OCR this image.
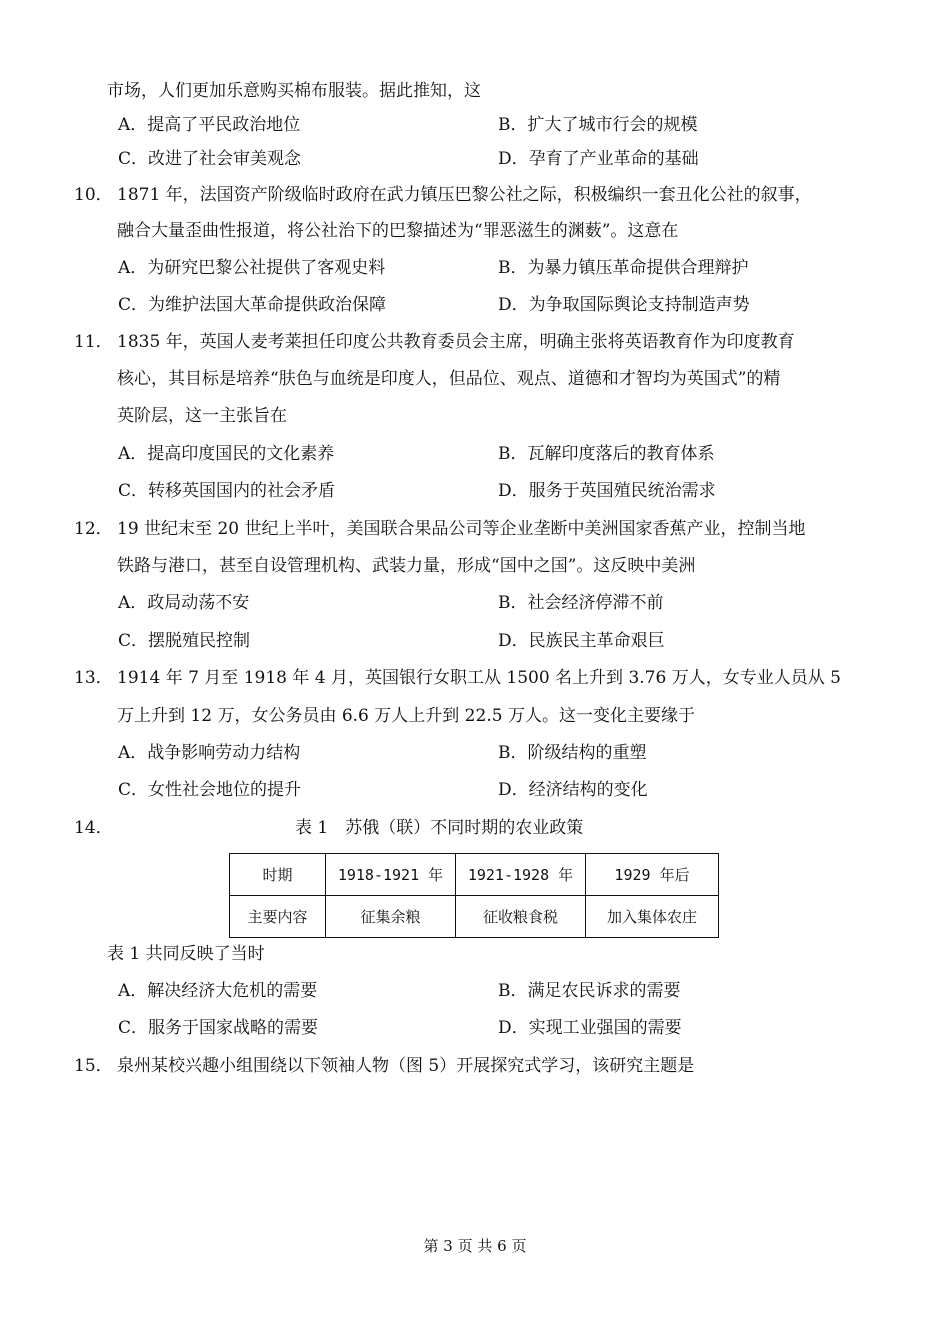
市场，人们更加乐意购买棉布服装。据此推知，这
A．提高了平民政治地位	B．扩大了城市行会的规模
C．改进了社会审美观念	D．孕育了产业革命的基础
10． 1871 年，法国资产阶级临时政府在武力镇压巴黎公社之际，积极编织一套丑化公社的叙事，
融合大量歪曲性报道，将公社治下的巴黎描述为“罪恶滋生的渊薮”。这意在
A．为研究巴黎公社提供了客观史料	B．为暴力镇压革命提供合理辩护
C．为维护法国大革命提供政治保障	D．为争取国际舆论支持制造声势
11． 1835 年，英国人麦考莱担任印度公共教育委员会主席，明确主张将英语教育作为印度教育
核心，其目标是培养“肤色与血统是印度人，但品位、观点、道德和才智均为英国式”的精
英阶层，这一主张旨在
A．提高印度国民的文化素养	B．瓦解印度落后的教育体系
C．转移英国国内的社会矛盾	D．服务于英国殖民统治需求
12． 19 世纪末至 20 世纪上半叶，美国联合果品公司等企业垄断中美洲国家香蕉产业，控制当地
铁路与港口，甚至自设管理机构、武装力量，形成“国中之国”。这反映中美洲
A．政局动荡不安	B．社会经济停滞不前
C．摆脱殖民控制	D．民族民主革命艰巨
13． 1914 年 7 月至 1918 年 4 月，英国银行女职工从 1500 名上升到 3.76 万人，女专业人员从 5
万上升到 12 万，女公务员由 6.6 万人上升到 22.5 万人。这一变化主要缘于
A．战争影响劳动力结构	B．阶级结构的重塑
C．女性社会地位的提升	D．经济结构的变化
14．	表 1　苏俄（联）不同时期的农业政策
时期	1918-1921 年	1921-1928 年	1929 年后
主要内容	征集余粮	征收粮食税	加入集体农庄
表 1 共同反映了当时
A．解决经济大危机的需要	B．满足农民诉求的需要
C．服务于国家战略的需要	D．实现工业强国的需要
15． 泉州某校兴趣小组围绕以下领袖人物（图 5）开展探究式学习，该研究主题是
第 3 页 共 6 页
